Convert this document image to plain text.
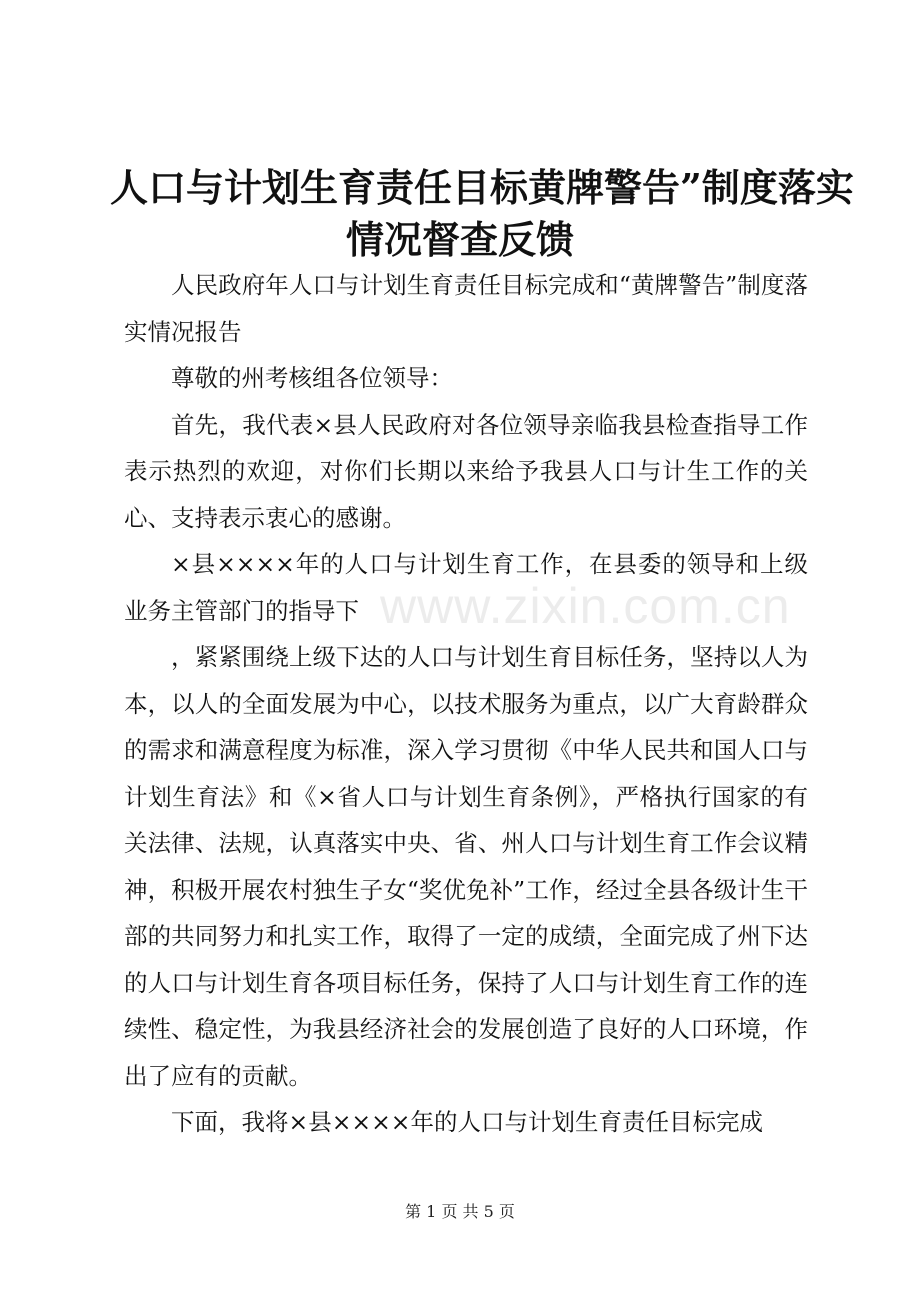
人口与计划生育责任目标黄牌警告”制度落实
情况督查反馈

人民政府年人口与计划生育责任目标完成和“黄牌警告”制度落实情况报告

尊敬的州考核组各位领导：

首先，我代表×县人民政府对各位领导亲临我县检查指导工作表示热烈的欢迎，对你们长期以来给予我县人口与计生工作的关心、支持表示衷心的感谢。

×县××××年的人口与计划生育工作，在县委的领导和上级业务主管部门的指导下

，紧紧围绕上级下达的人口与计划生育目标任务，坚持以人为本，以人的全面发展为中心，以技术服务为重点，以广大育龄群众的需求和满意程度为标准，深入学习贯彻《中华人民共和国人口与计划生育法》和《×省人口与计划生育条例》，严格执行国家的有关法律、法规，认真落实中央、省、州人口与计划生育工作会议精神，积极开展农村独生子女“奖优免补”工作，经过全县各级计生干部的共同努力和扎实工作，取得了一定的成绩，全面完成了州下达的人口与计划生育各项目标任务，保持了人口与计划生育工作的连续性、稳定性，为我县经济社会的发展创造了良好的人口环境，作出了应有的贡献。

下面，我将×县××××年的人口与计划生育责任目标完成

www.zixin.com.cn
第 1 页 共 5 页
